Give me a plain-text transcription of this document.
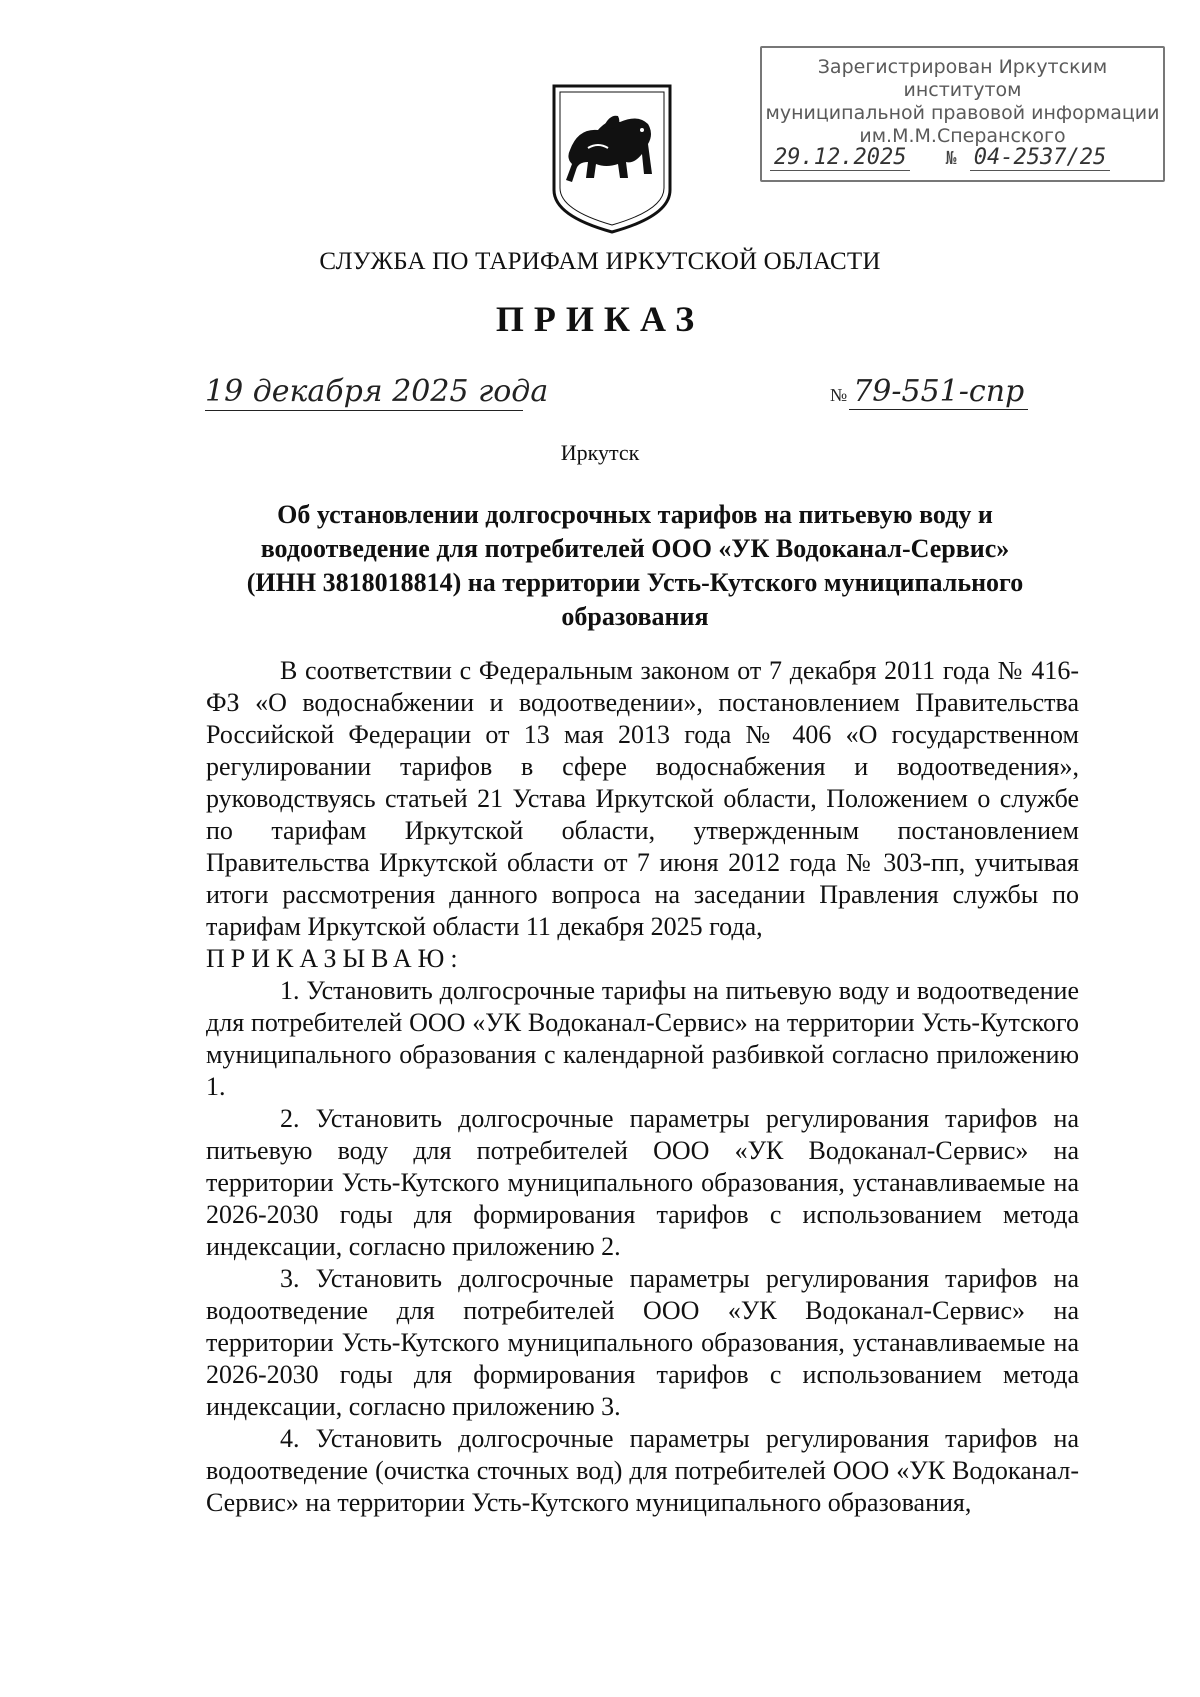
Зарегистрирован Иркутским институтом
муниципальной правовой информации
им.М.М.Сперанского
29.12.2025 № 04-2537/25
СЛУЖБА ПО ТАРИФАМ ИРКУТСКОЙ ОБЛАСТИ
ПРИКАЗ
19 декабря 2025 года	№ 79-551-спр
Иркутск
Об установлении долгосрочных тарифов на питьевую воду и
водоотведение для потребителей ООО «УК Водоканал-Сервис»
(ИНН 3818018814) на территории Усть-Кутского муниципального
образования

В соответствии с Федеральным законом от 7 декабря 2011 года № 416-ФЗ «О водоснабжении и водоотведении», постановлением Правительства Российской Федерации от 13 мая 2013 года № 406 «О государственном регулировании тарифов в сфере водоснабжения и водоотведения», руководствуясь статьей 21 Устава Иркутской области, Положением о службе по тарифам Иркутской области, утвержденным постановлением Правительства Иркутской области от 7 июня 2012 года № 303-пп, учитывая итоги рассмотрения данного вопроса на заседании Правления службы по тарифам Иркутской области 11 декабря 2025 года,

ПРИКАЗЫВАЮ:

1. Установить долгосрочные тарифы на питьевую воду и водоотведение для потребителей ООО «УК Водоканал-Сервис» на территории Усть-Кутского муниципального образования с календарной разбивкой согласно приложению 1.

2. Установить долгосрочные параметры регулирования тарифов на питьевую воду для потребителей ООО «УК Водоканал-Сервис» на территории Усть-Кутского муниципального образования, устанавливаемые на 2026-2030 годы для формирования тарифов с использованием метода индексации, согласно приложению 2.

3. Установить долгосрочные параметры регулирования тарифов на водоотведение для потребителей ООО «УК Водоканал-Сервис» на территории Усть-Кутского муниципального образования, устанавливаемые на 2026-2030 годы для формирования тарифов с использованием метода индексации, согласно приложению 3.

4. Установить долгосрочные параметры регулирования тарифов на водоотведение (очистка сточных вод) для потребителей ООО «УК Водоканал-Сервис» на территории Усть-Кутского муниципального образования,
